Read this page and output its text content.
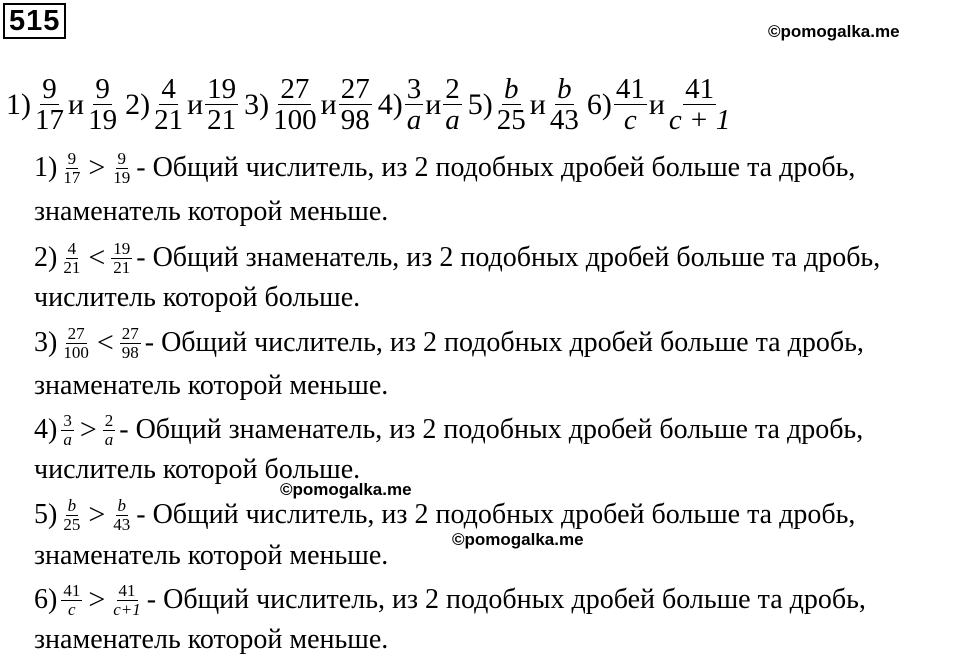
515	©pomogalka.me
$1) \frac{9}{17}$ и $\frac{9}{19} 2) \frac{4}{21}$ и $\frac{19}{21} 3) \frac{27}{100}$ и $\frac{27}{98} 4) \frac{3}{a}$ и $\frac{2}{a} 5) \frac{b}{25}$ и $\frac{b}{43} 6) \frac{41}{c}$ и $\frac{41}{c + 1}$
$1) \frac{9}{17} > \frac{9}{19}$ - Общий числитель, из 2 подобных дробей больше та дробь,
знаменатель которой меньше.
$2) \frac{4}{21} < \frac{19}{21}$ - Общий знаменатель, из 2 подобных дробей больше та дробь,
числитель которой больше.
$3) \frac{27}{100} < \frac{27}{98}$ - Общий числитель, из 2 подобных дробей больше та дробь,
знаменатель которой меньше.
$4) \frac{3}{a} > \frac{2}{a}$ - Общий знаменатель, из 2 подобных дробей больше та дробь,
числитель которой больше.
$5) \frac{b}{25} > \frac{b}{43}$ - Общий числитель, из 2 подобных дробей больше та дробь,
знаменатель которой меньше.
$6) \frac{41}{c} > \frac{41}{c+1}$ - Общий числитель, из 2 подобных дробей больше та дробь,
знаменатель которой меньше.
©pomogalka.me
©pomogalka.me
